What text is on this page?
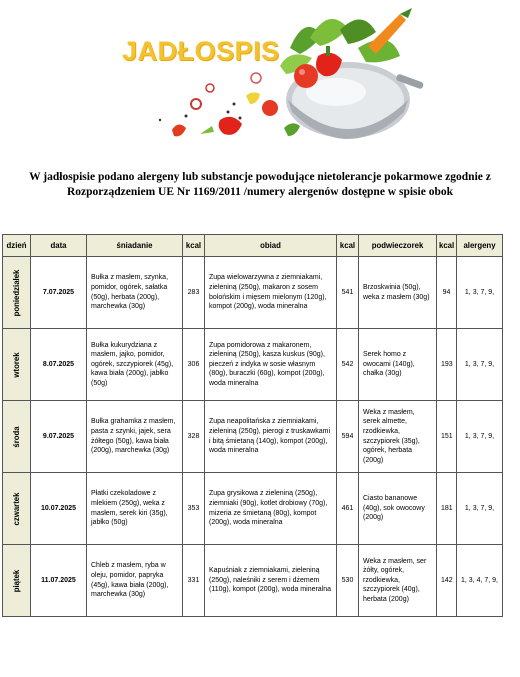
JADŁOSPIS
W jadłospisie podano alergeny lub substancje powodujące nietolerancje pokarmowe zgodnie z
Rozporządzeniem UE Nr 1169/2011 /numery alergenów dostępne w spisie obok
dzień	data	śniadanie	kcal	obiad	kcal	podwieczorek	kcal	alergeny

poniedziałek	7.07.2025	Bułka z masłem, szynka, pomidor, ogórek, sałatka (50g), herbata (200g), marchewka (30g)	283	Zupa wielowarzywna z ziemniakami, zieleniną (250g), makaron z sosem bolońskim i mięsem mielonym (120g), kompot (200g), woda mineralna	541	Brzoskwinia (50g), weka z masłem (30g)	94	1, 3, 7, 9,

wtorek	8.07.2025	Bułka kukurydziana z masłem, jajko, pomidor, ogórek, szczypiorek (45g), kawa biała (200g), jabłko (50g)	306	Zupa pomidorowa z makaronem, zieleniną (250g), kasza kuskus (90g), pieczeń z indyka w sosie własnym (80g), buraczki (60g), kompot (200g), woda mineralna	542	Serek homo z owocami (140g), chałka (30g)	193	1, 3, 7, 9,

środa	9.07.2025	Bułka grahamka z masłem, pasta z szynki, jajek, sera żółtego (50g), kawa biała (200g), marchewka (30g)	328	Zupa neapolitańska z ziemniakami, zieleniną (250g), pierogi z truskawkami i bitą śmietaną (140g), kompot (200g), woda mineralna	594	Weka z masłem, serek almette, rzodkiewka, szczypiorek (35g), ogórek, herbata (200g)	151	1, 3, 7, 9,

czwartek	10.07.2025	Płatki czekoladowe z mlekiem (250g), weka z masłem, serek kiri (35g), jabłko (50g)	353	Zupa grysikowa z zieleniną (250g), ziemniaki (90g), kotlet drobiowy (70g), mizeria ze śmietaną (80g), kompot (200g), woda mineralna	461	Ciasto bananowe (40g), sok owocowy (200g)	181	1, 3, 7, 9,

piątek	11.07.2025	Chleb z masłem, ryba w oleju, pomidor, papryka (45g), kawa biała (200g), marchewka (30g)	331	Kapuśniak z ziemniakami, zieleniną (250g), naleśniki z serem i dżemem (110g), kompot (200g), woda mineralna	530	Weka z masłem, ser żółty, ogórek, rzodkiewka, szczypiorek (40g), herbata (200g)	142	1, 3, 4, 7, 9,
